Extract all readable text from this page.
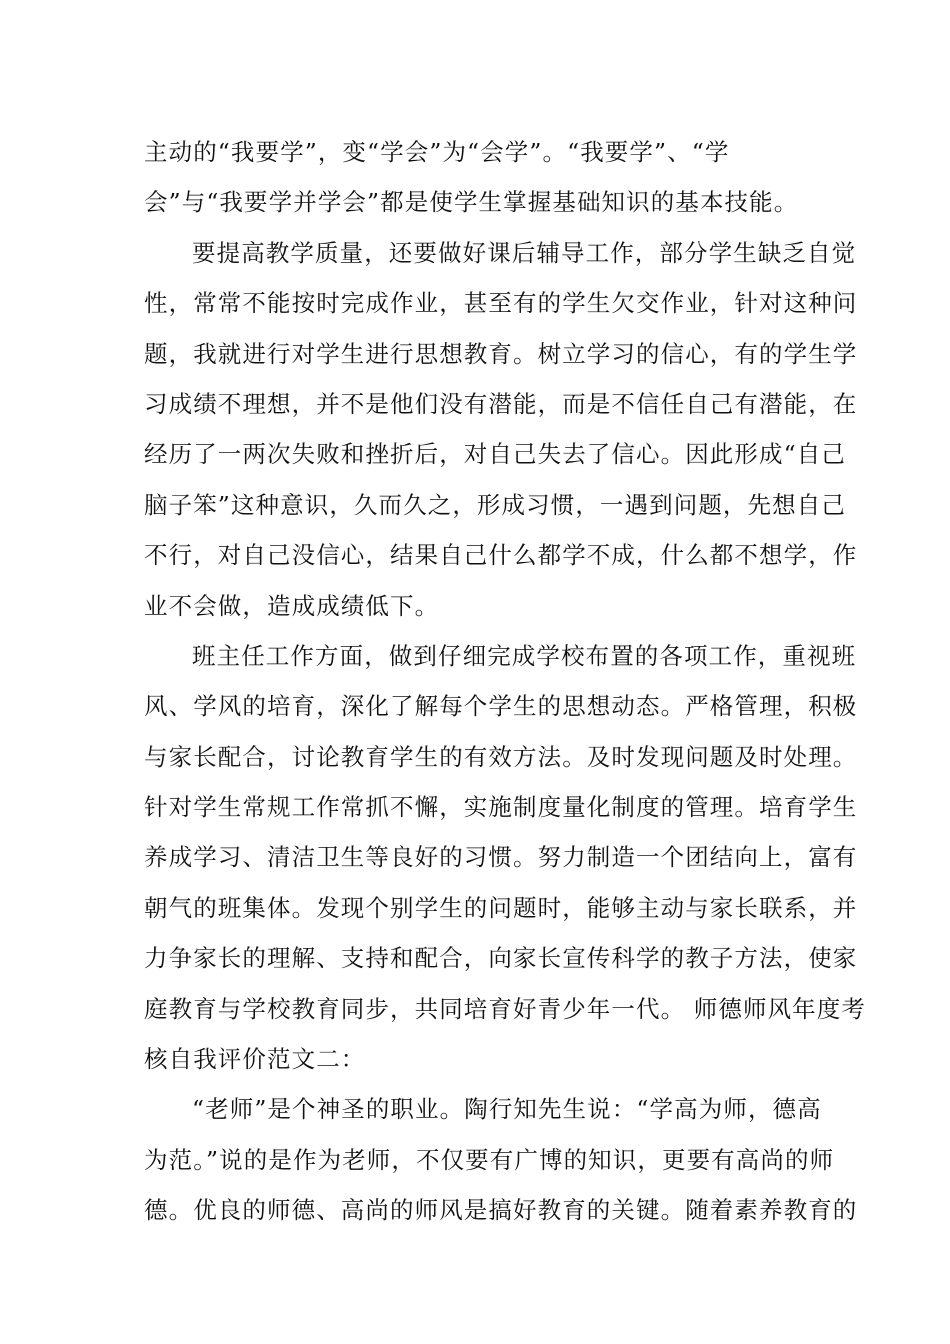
主动的“我要学”，变“学会”为“会学”。“我要学”、“学
会”与“我要学并学会”都是使学生掌握基础知识的基本技能。
要提高教学质量，还要做好课后辅导工作，部分学生缺乏自觉
性，常常不能按时完成作业，甚至有的学生欠交作业，针对这种问
题，我就进行对学生进行思想教育。树立学习的信心，有的学生学
习成绩不理想，并不是他们没有潜能，而是不信任自己有潜能，在
经历了一两次失败和挫折后，对自己失去了信心。因此形成“自己
脑子笨”这种意识，久而久之，形成习惯，一遇到问题，先想自己
不行，对自己没信心，结果自己什么都学不成，什么都不想学，作
业不会做，造成成绩低下。
班主任工作方面，做到仔细完成学校布置的各项工作，重视班
风、学风的培育，深化了解每个学生的思想动态。严格管理，积极
与家长配合，讨论教育学生的有效方法。及时发现问题及时处理。
针对学生常规工作常抓不懈，实施制度量化制度的管理。培育学生
养成学习、清洁卫生等良好的习惯。努力制造一个团结向上，富有
朝气的班集体。发现个别学生的问题时，能够主动与家长联系，并
力争家长的理解、支持和配合，向家长宣传科学的教子方法，使家
庭教育与学校教育同步，共同培育好青少年一代。 师德师风年度考
核自我评价范文二：
“老师”是个神圣的职业。陶行知先生说：“学高为师，德高
为范。”说的是作为老师，不仅要有广博的知识，更要有高尚的师
德。优良的师德、高尚的师风是搞好教育的关键。随着素养教育的
